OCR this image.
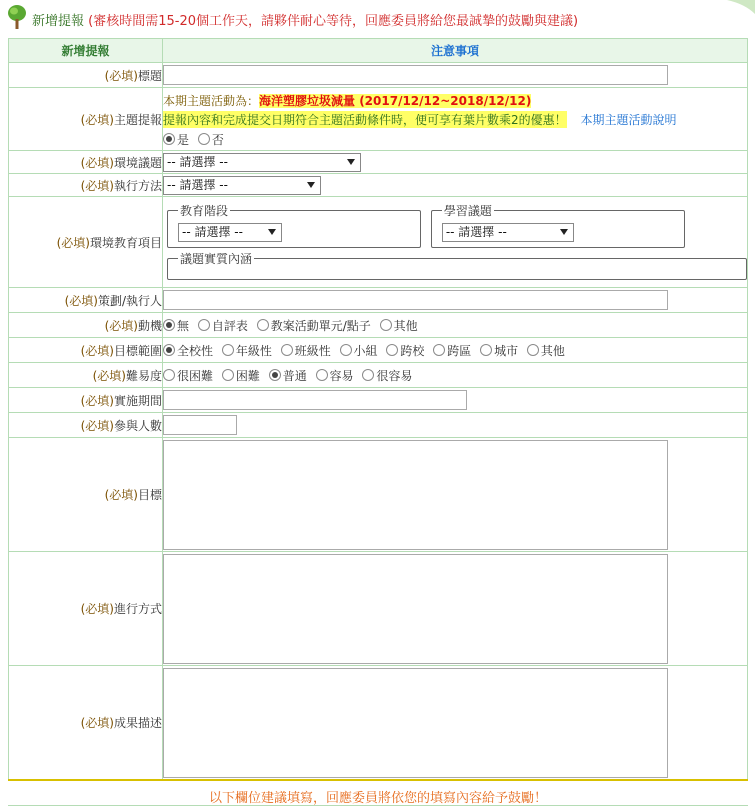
新增提報 (審核時間需15-20個工作天，請夥伴耐心等待，回應委員將給您最誠摯的鼓勵與建議)
新增提報	注意事項
(必填)標題	
(必填)主題提報	本期主題活動為：海洋塑膠垃圾減量 (2017/12/12~2018/12/12)
提報內容和完成提交日期符合主題活動條件時，便可享有葉片數乘2的優惠！ 本期主題活動說明
是 否

(必填)環境議題	-- 請選擇 --

(必填)執行方法	-- 請選擇 --

(必填)環境教育項目	教育階段
-- 請選擇 --

學習議題
-- 請選擇 --
議題實質內涵

(必填)策劃/執行人	
(必填)動機	無 自評表 教案活動單元/點子 其他
(必填)目標範圍	全校性 年級性 班級性 小組 跨校 跨區 城市 其他
(必填)難易度	很困難 困難 普通 容易 很容易
(必填)實施期間	
(必填)參與人數	
(必填)目標	

(必填)進行方式	

(必填)成果描述	
以下欄位建議填寫，回應委員將依您的填寫內容給予鼓勵！
